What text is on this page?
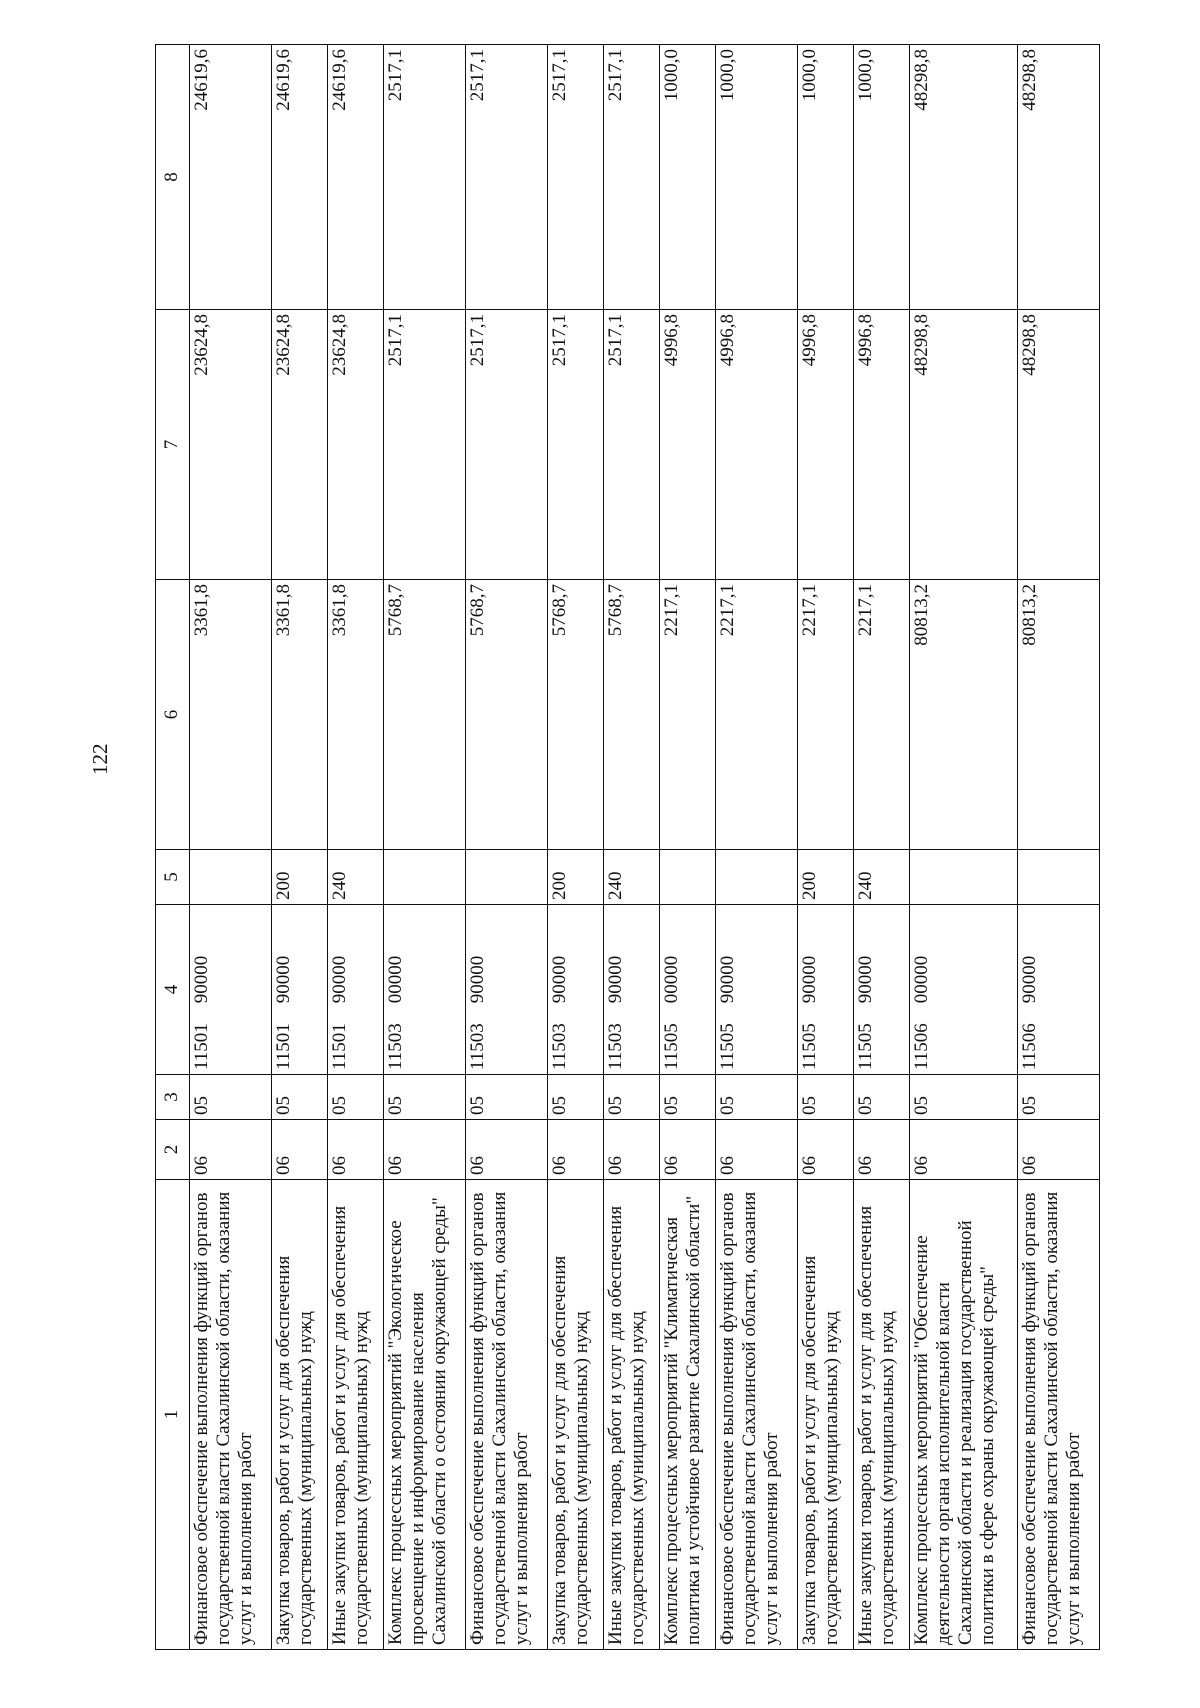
122
1	2	3	4	5	6	7	8
Финансовое обеспечение выполнения функций органов государственной власти Сахалинской области, оказания услуг и выполнения работ	06	05	1150190000		3361,8	23624,8	24619,6
Закупка товаров, работ и услуг для обеспечения государственных (муниципальных) нужд	06	05	1150190000	200	3361,8	23624,8	24619,6
Иные закупки товаров, работ и услуг для обеспечения государственных (муниципальных) нужд	06	05	1150190000	240	3361,8	23624,8	24619,6
Комплекс процессных мероприятий "Экологическое просвещение и информирование населения Сахалинской области о состоянии окружающей среды"	06	05	1150300000		5768,7	2517,1	2517,1
Финансовое обеспечение выполнения функций органов государственной власти Сахалинской области, оказания услуг и выполнения работ	06	05	1150390000		5768,7	2517,1	2517,1
Закупка товаров, работ и услуг для обеспечения государственных (муниципальных) нужд	06	05	1150390000	200	5768,7	2517,1	2517,1
Иные закупки товаров, работ и услуг для обеспечения государственных (муниципальных) нужд	06	05	1150390000	240	5768,7	2517,1	2517,1
Комплекс процессных мероприятий "Климатическая политика и устойчивое развитие Сахалинской области"	06	05	1150500000		2217,1	4996,8	1000,0
Финансовое обеспечение выполнения функций органов государственной власти Сахалинской области, оказания услуг и выполнения работ	06	05	1150590000		2217,1	4996,8	1000,0
Закупка товаров, работ и услуг для обеспечения государственных (муниципальных) нужд	06	05	1150590000	200	2217,1	4996,8	1000,0
Иные закупки товаров, работ и услуг для обеспечения государственных (муниципальных) нужд	06	05	1150590000	240	2217,1	4996,8	1000,0
Комплекс процессных мероприятий "Обеспечение деятельности органа исполнительной власти Сахалинской области и реализация государственной политики в сфере охраны окружающей среды"	06	05	1150600000		80813,2	48298,8	48298,8
Финансовое обеспечение выполнения функций органов государственной власти Сахалинской области, оказания услуг и выполнения работ	06	05	1150690000		80813,2	48298,8	48298,8
